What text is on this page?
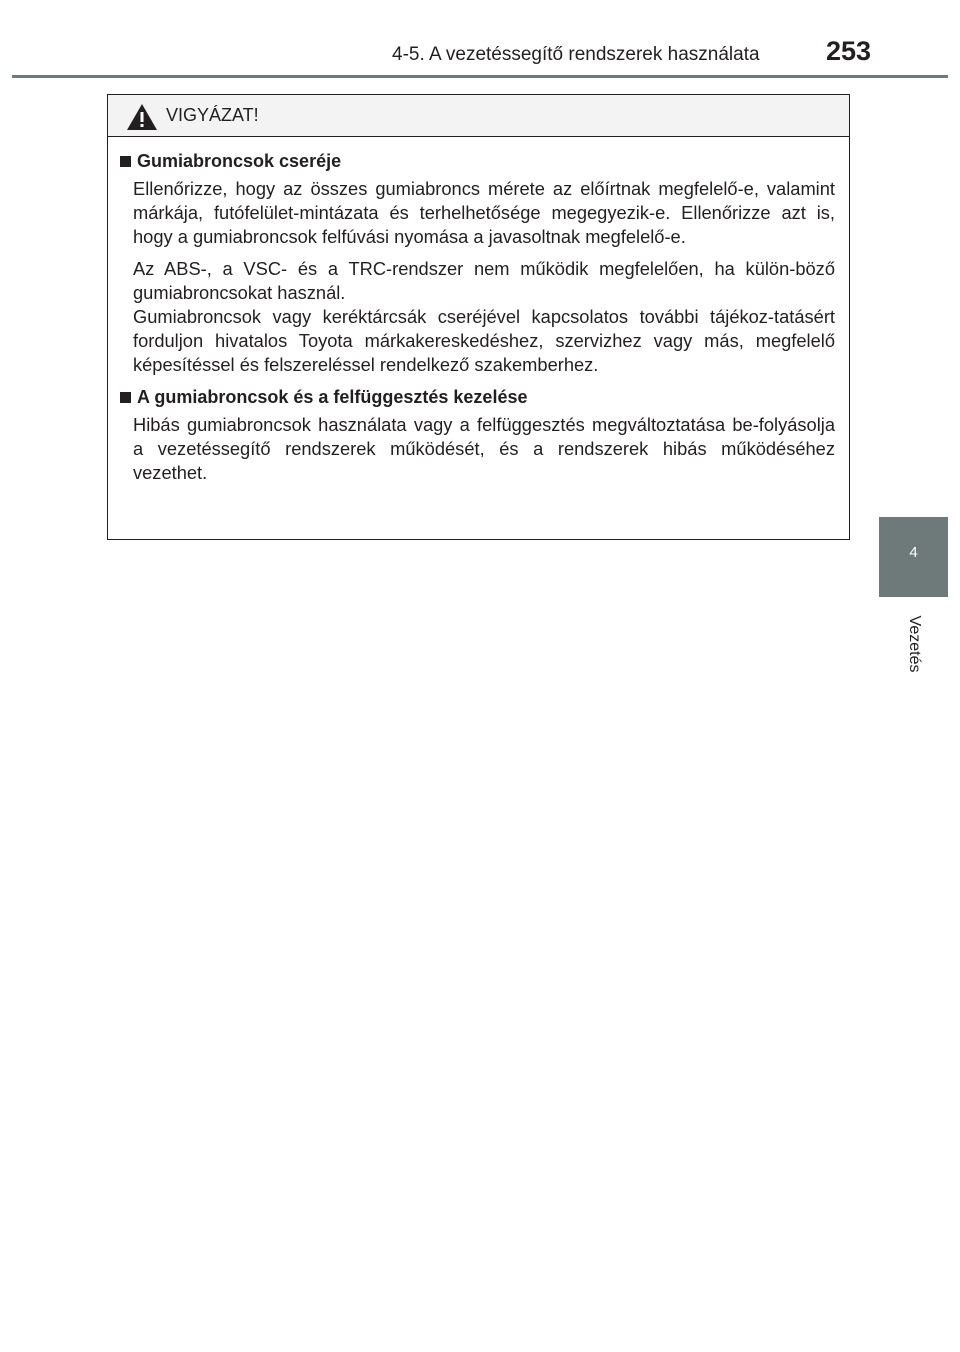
4-5. A vezetéssegítő rendszerek használata 253
4
Vezetés
VIGYÁZAT!
Gumiabroncsok cseréje

Ellenőrizze, hogy az összes gumiabroncs mérete az előírtnak megfelelő-e, valamint márkája, futófelület-mintázata és terhelhetősége megegyezik-e. Ellenőrizze azt is, hogy a gumiabroncsok felfúvási nyomása a javasoltnak megfelelő-e.

Az ABS-, a VSC- és a TRC-rendszer nem működik megfelelően, ha külön-böző gumiabroncsokat használ.

Gumiabroncsok vagy keréktárcsák cseréjével kapcsolatos további tájékoz-tatásért forduljon hivatalos Toyota márkakereskedéshez, szervizhez vagy más, megfelelő képesítéssel és felszereléssel rendelkező szakemberhez.

A gumiabroncsok és a felfüggesztés kezelése

Hibás gumiabroncsok használata vagy a felfüggesztés megváltoztatása be-folyásolja a vezetéssegítő rendszerek működését, és a rendszerek hibás működéséhez vezethet.
